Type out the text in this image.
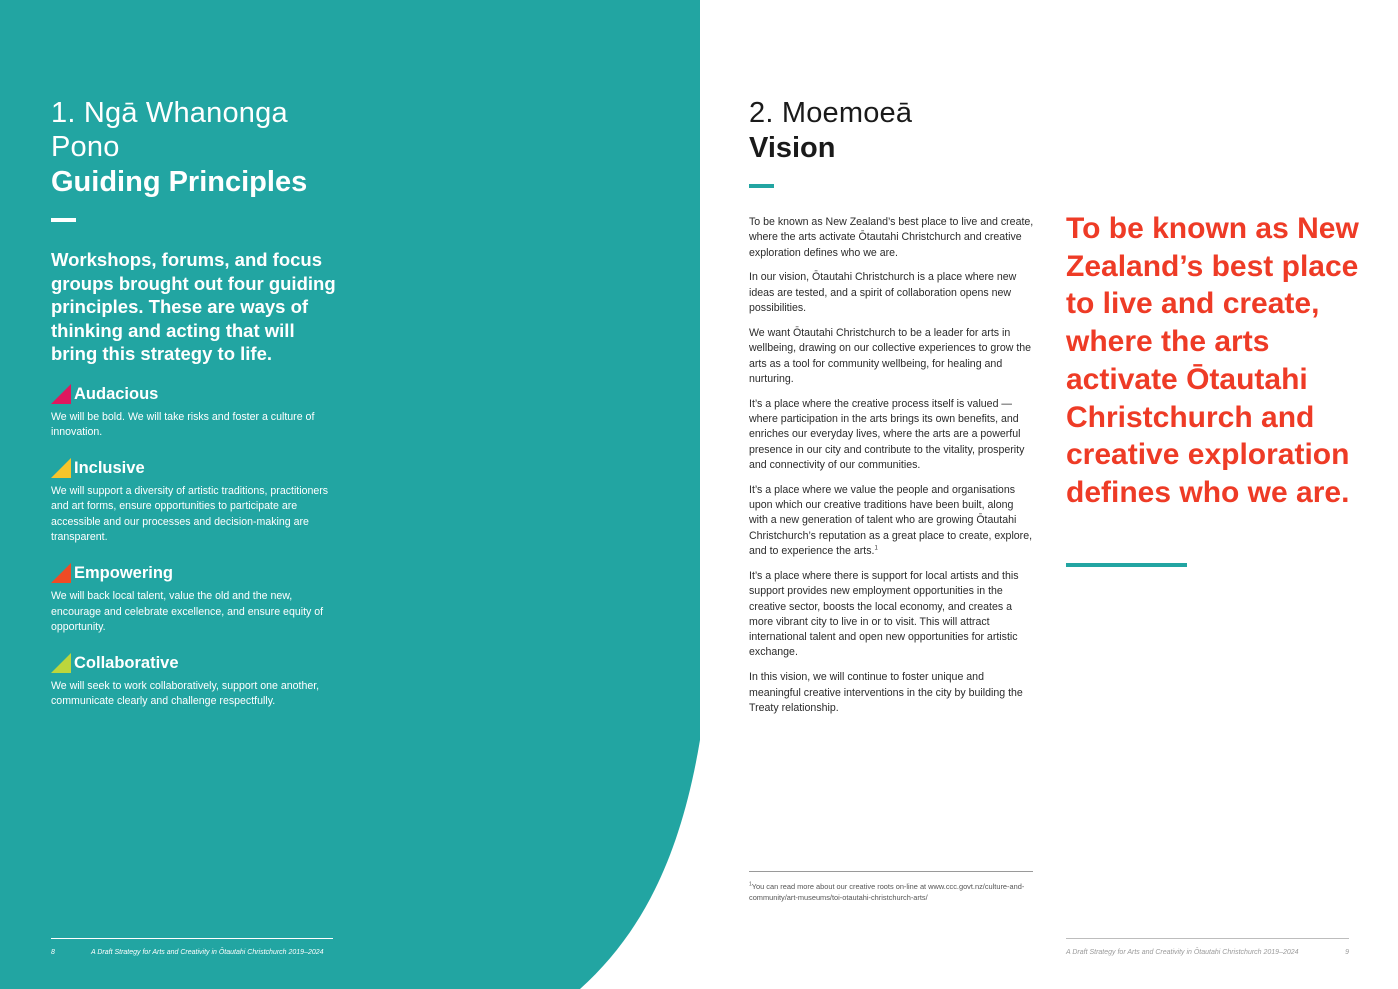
1. Ngā Whanonga Pono
Guiding Principles
Workshops, forums, and focus groups brought out four guiding principles. These are ways of thinking and acting that will bring this strategy to life.
Audacious
We will be bold. We will take risks and foster a culture of innovation.
Inclusive
We will support a diversity of artistic traditions, practitioners and art forms, ensure opportunities to participate are accessible and our processes and decision-making are transparent.
Empowering
We will back local talent, value the old and the new, encourage and celebrate excellence, and ensure equity of opportunity.
Collaborative
We will seek to work collaboratively, support one another, communicate clearly and challenge respectfully.
8	A Draft Strategy for Arts and Creativity in Ōtautahi Christchurch 2019–2024
2. Moemoeā
Vision

To be known as New Zealand’s best place to live and create, where the arts activate Ōtautahi Christchurch and creative exploration defines who we are.

In our vision, Ōtautahi Christchurch is a place where new ideas are tested, and a spirit of collaboration opens new possibilities.

We want Ōtautahi Christchurch to be a leader for arts in wellbeing, drawing on our collective experiences to grow the arts as a tool for community wellbeing, for healing and nurturing.

It’s a place where the creative process itself is valued — where participation in the arts brings its own benefits, and enriches our everyday lives, where the arts are a powerful presence in our city and contribute to the vitality, prosperity and connectivity of our communities.

It’s a place where we value the people and organisations upon which our creative traditions have been built, along with a new generation of talent who are growing Ōtautahi Christchurch’s reputation as a great place to create, explore, and to experience the arts.$^1$

It’s a place where there is support for local artists and this support provides new employment opportunities in the creative sector, boosts the local economy, and creates a more vibrant city to live in or to visit. This will attract international talent and open new opportunities for artistic exchange.

In this vision, we will continue to foster unique and meaningful creative interventions in the city by building the Treaty relationship.

To be known as New Zealand’s best place to live and create, where the arts activate Ōtautahi Christchurch and creative exploration defines who we are.
$^1$You can read more about our creative roots on-line at www.ccc.govt.nz/culture-and-community/art-museums/toi-otautahi-christchurch-arts/
A Draft Strategy for Arts and Creativity in Ōtautahi Christchurch 2019–2024	9
